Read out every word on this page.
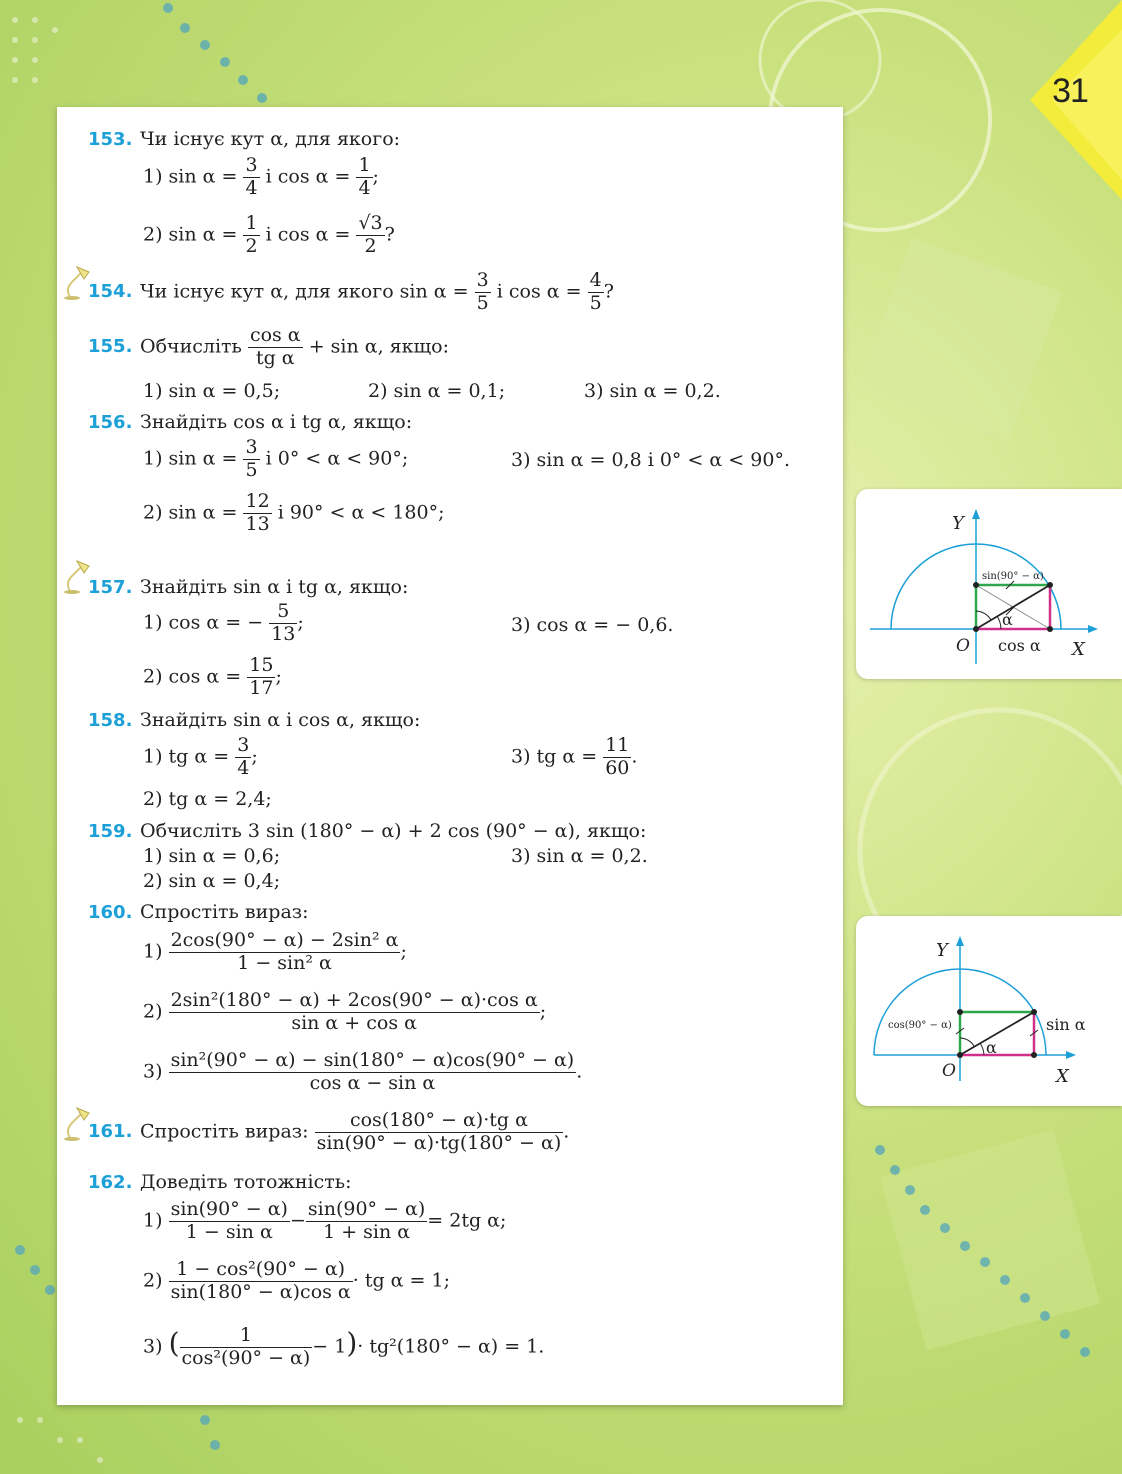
31
153. Чи існує кут α, для якого:
1) $\sin \alpha = \frac{3}{4}$ і $\cos \alpha = \frac{1}{4}$ ;
2) $\sin \alpha = \frac{1}{2}$ і $\cos \alpha = \frac{√3}{2}$ ?
154. Чи існує кут α, для якого $\sin \alpha = \frac{3}{5}$ і $\cos \alpha = \frac{4}{5}$ ?
155. Обчисліть $\frac{\text{cos α}}{\text{tg α}} + \sin \alpha$, якщо:
1) sin α = 0,5;	2) sin α = 0,1;	3) sin α = 0,2.
156. Знайдіть cos α і tg α, якщо:
1) $\sin \alpha = \frac{3}{5}$ і 0° < α < 90°;	3) sin α = 0,8 і 0° < α < 90°.
2) $\sin \alpha = \frac{12}{13}$ і 90° < α < 180°;
157. Знайдіть sin α і tg α, якщо:
1) cos α = − $\frac{5}{13}$ ;	3) cos α = − 0,6.
2) $\cos \alpha = \frac{15}{17}$ ;
158. Знайдіть sin α і cos α, якщо:
1) tg $\alpha = \frac{3}{4}$ ;	3) tg $\alpha = \frac{11}{60}$ .
2) tg α = 2,4;
159. Обчисліть 3 sin (180° − α) + 2 cos (90° − α), якщо:
1) sin α = 0,6;	3) sin α = 0,2.
2) sin α = 0,4;
160. Спростіть вираз:
$1) \frac{\text{2cos(90° − α) − 2sin² α}}{\text{1 − sin² α}}$ ;
$2) \frac{\text{2sin²(180° − α) + 2cos(90° − α)·cos α}}{\text{sin α + cos α}}$ ;
$3) \frac{\text{sin²(90° − α) − sin(180° − α)cos(90° − α)}}{\text{cos α − sin α}}$ .
161. Спростіть вираз: $\frac{\text{cos(180° − α)·tg α}}{\sin(90^\circ - \alpha)\cdot tg(180^\circ - \alpha)}$ .
162. Доведіть тотожність:
$1) \frac{\sin(90^\circ - \alpha)}{\text{1 − sin α}} - \frac{\sin(90^\circ - \alpha)}{\text{1 + sin α}} = 2tg$ α;
$2) \frac{\text{1 − cos²(90° − α)}}{\text{sin(180° − α)cos α}}$ · tg α = 1;
3) ( $\frac{1}{\text{cos²(90° − α)}} - 1)\cdot tg^2(180^\circ - \alpha) = 1$.
Y
X
O
sin(90° − α)
cos α
α
Y
X
O
cos(90° − α)	sin α
α
